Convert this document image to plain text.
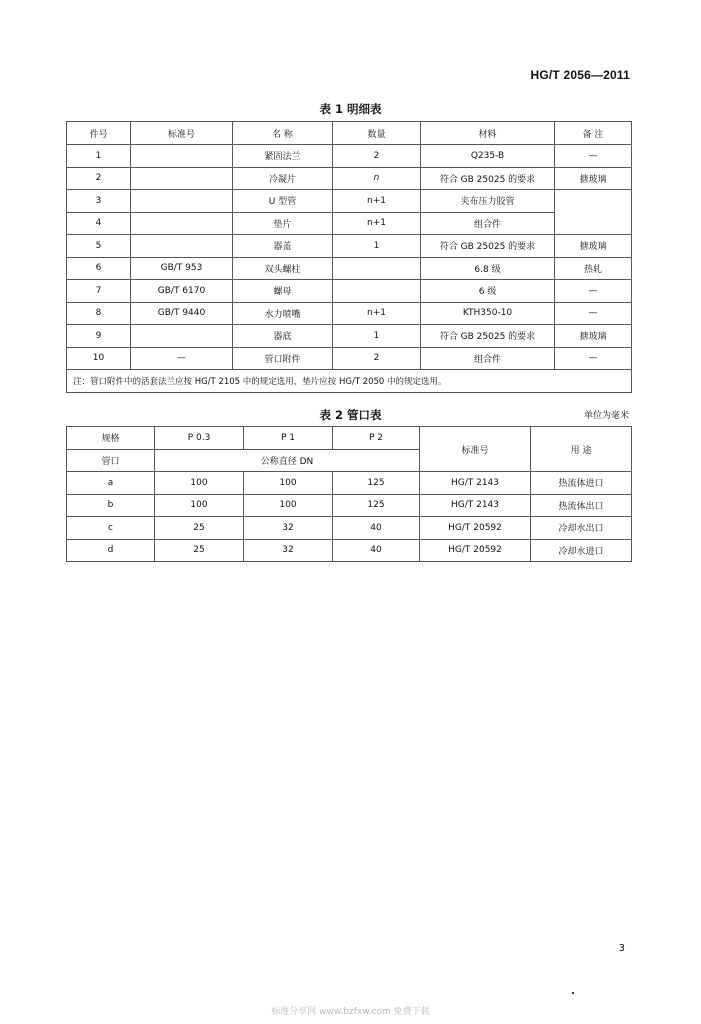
HG/T 2056—2011
表 1 明细表
件号	标准号	名 称	数量	材料	备 注
1		紧固法兰	2	Q235-B	—
2		冷凝片	n	符合 GB 25025 的要求	搪玻璃
3		U 型管	n+1	夹布压力胶管	
4		垫片	n+1	组合件	
5		器盖	1	符合 GB 25025 的要求	搪玻璃
6	GB/T 953	双头螺柱		6.8 级	热轧
7	GB/T 6170	螺母		6 级	—
8	GB/T 9440	水力喷嘴	n+1	KTH350-10	—
9		器底	1	符合 GB 25025 的要求	搪玻璃
10	—	管口附件	2	组合件	—
注：管口附件中的活套法兰应按 HG/T 2105 中的规定选用，垫片应按 HG/T 2050 中的规定选用。					
表 2 管口表	单位为毫米
规格	P 0.3	P 1	P 2	标准号	用 途
管口	公称直径 DN				
a	100	100	125	HG/T 2143	热流体进口
b	100	100	125	HG/T 2143	热流体出口
c	25	32	40	HG/T 20592	冷却水出口
d	25	32	40	HG/T 20592	冷却水进口
3
标准分享网 www.bzfxw.com 免费下载
